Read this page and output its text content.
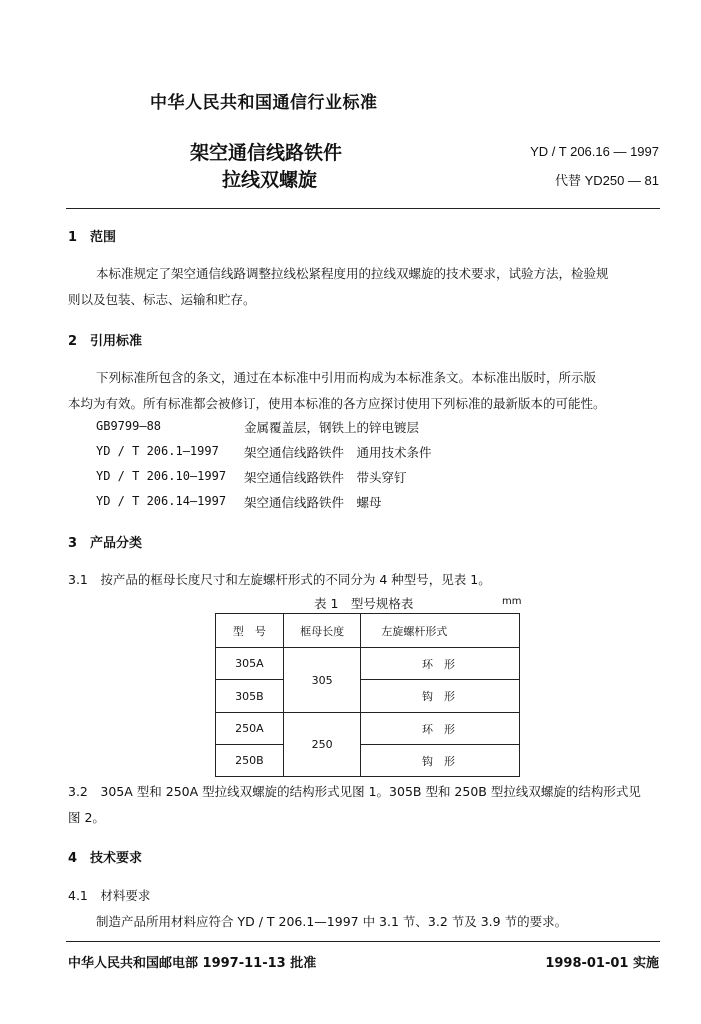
中华人民共和国通信行业标准
架空通信线路铁件
拉线双螺旋
YD / T 206.16 — 1997
代替 YD250 — 81
1　范围
本标准规定了架空通信线路调整拉线松紧程度用的拉线双螺旋的技术要求，试验方法，检验规
则以及包装、标志、运输和贮存。
2　引用标准
下列标准所包含的条文，通过在本标准中引用而构成为本标准条文。本标准出版时，所示版
本均为有效。所有标准都会被修订，使用本标准的各方应探讨使用下列标准的最新版本的可能性。
GB9799—88	金属覆盖层，钢铁上的锌电镀层
YD / T 206.1—1997 架空通信线路铁件　通用技术条件
YD / T 206.10—1997 架空通信线路铁件　带头穿钉
YD / T 206.14—1997 架空通信线路铁件　螺母
3　产品分类
3.1　按产品的框母长度尺寸和左旋螺杆形式的不同分为 4 种型号，见表 1。
表 1　型号规格表	mm
型　号	框母长度	左旋螺杆形式
305A	305	环　形
305B		钩　形
250A	250	环　形
250B		钩　形
3.2　305A 型和 250A 型拉线双螺旋的结构形式见图 1。305B 型和 250B 型拉线双螺旋的结构形式见
图 2。
4　技术要求
4.1　材料要求
制造产品所用材料应符合 YD / T 206.1—1997 中 3.1 节、3.2 节及 3.9 节的要求。
中华人民共和国邮电部 1997-11-13 批准	1998-01-01 实施
